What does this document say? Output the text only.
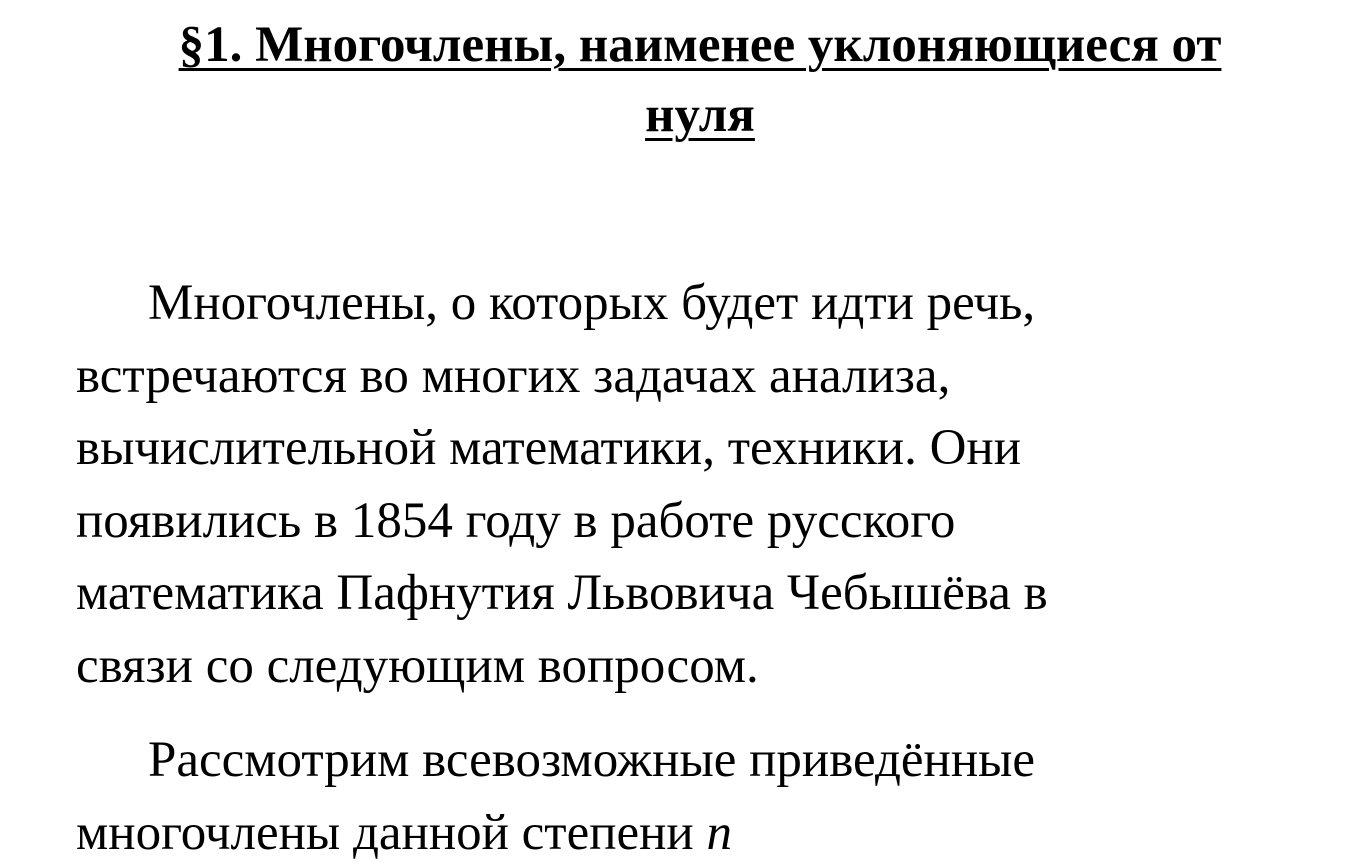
§1. Многочлены, наименее уклоняющиеся от
нуля

Многочлены, о которых будет идти речь,
встречаются во многих задачах анализа,
вычислительной математики, техники. Они
появились в 1854 году в работе русского
математика Пафнутия Львовича Чебышёва в
связи со следующим вопросом.

Рассмотрим всевозможные приведённые
многочлены данной степени n
